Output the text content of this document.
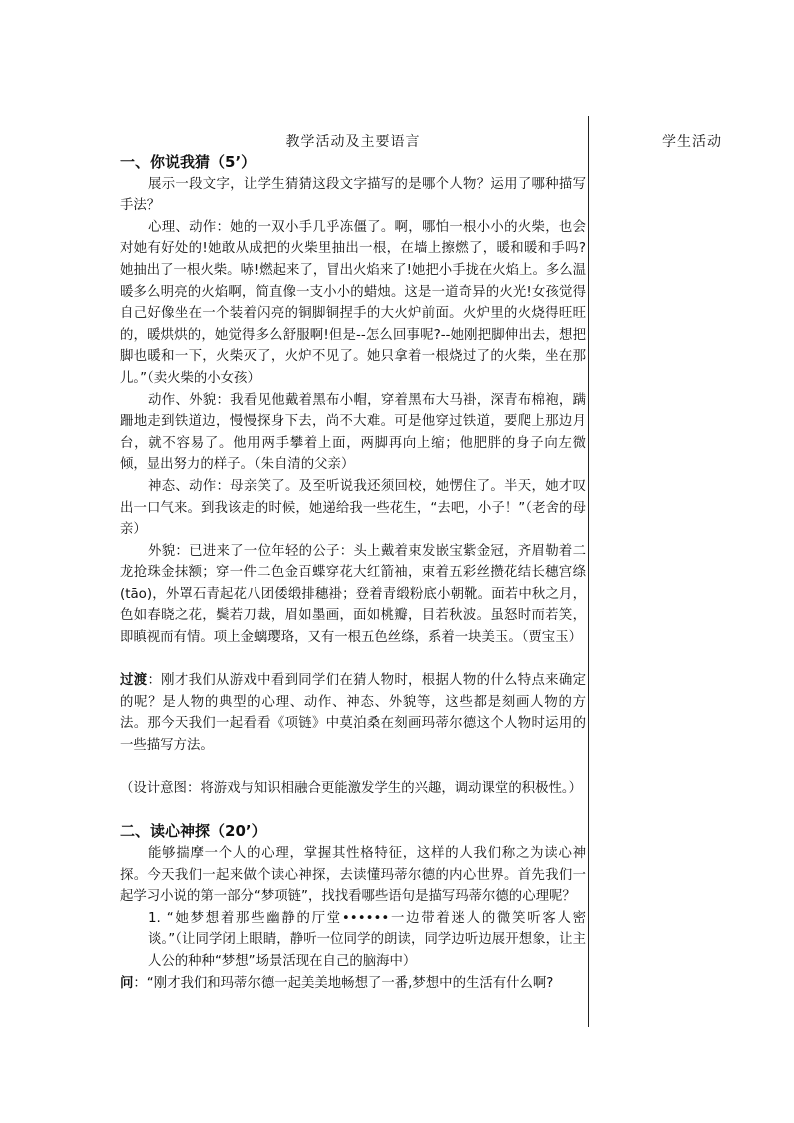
教学活动及主要语言	学生活动

一、你说我猜（5’）

展示一段文字，让学生猜猜这段文字描写的是哪个人物？运用了哪种描写手法？

心理、动作：她的一双小手几乎冻僵了。啊，哪怕一根小小的火柴，也会对她有好处的!她敢从成把的火柴里抽出一根，在墙上擦燃了，暖和暖和手吗?她抽出了一根火柴。哧!燃起来了，冒出火焰来了!她把小手拢在火焰上。多么温暖多么明亮的火焰啊，简直像一支小小的蜡烛。这是一道奇异的火光!女孩觉得自己好像坐在一个装着闪亮的铜脚铜捏手的大火炉前面。火炉里的火烧得旺旺的，暖烘烘的，她觉得多么舒服啊!但是--怎么回事呢?--她刚把脚伸出去，想把脚也暖和一下，火柴灭了，火炉不见了。她只拿着一根烧过了的火柴，坐在那儿。”（卖火柴的小女孩）

动作、外貌：我看见他戴着黑布小帽，穿着黑布大马褂，深青布棉袍，蹒跚地走到铁道边，慢慢探身下去，尚不大难。可是他穿过铁道，要爬上那边月台，就不容易了。他用两手攀着上面，两脚再向上缩；他肥胖的身子向左微倾，显出努力的样子。（朱自清的父亲）

神态、动作：母亲笑了。及至听说我还须回校，她愣住了。半天，她才叹出一口气来。到我该走的时候，她递给我一些花生，“去吧，小子！”（老舍的母亲）

外貌：已进来了一位年轻的公子：头上戴着束发嵌宝紫金冠，齐眉勒着二龙抢珠金抹额；穿一件二色金百蝶穿花大红箭袖，束着五彩丝攒花结长穗宫绦(tāo)，外罩石青起花八团倭缎排穗褂；登着青缎粉底小朝靴。面若中秋之月，色如春晓之花，鬓若刀裁，眉如墨画，面如桃瓣，目若秋波。虽怒时而若笑，即瞋视而有情。项上金螭璎珞，又有一根五色丝绦，系着一块美玉。（贾宝玉）

过渡：刚才我们从游戏中看到同学们在猜人物时，根据人物的什么特点来确定的呢？是人物的典型的心理、动作、神态、外貌等，这些都是刻画人物的方法。那今天我们一起看看《项链》中莫泊桑在刻画玛蒂尔德这个人物时运用的一些描写方法。

（设计意图：将游戏与知识相融合更能激发学生的兴趣，调动课堂的积极性。）

二、读心神探（20’）

能够揣摩一个人的心理，掌握其性格特征，这样的人我们称之为读心神探。今天我们一起来做个读心神探，去读懂玛蒂尔德的内心世界。首先我们一起学习小说的第一部分“梦项链”，找找看哪些语句是描写玛蒂尔德的心理呢？

1. “她梦想着那些幽静的厅堂••••••一边带着迷人的微笑听客人密谈。”（让同学闭上眼睛，静听一位同学的朗读，同学边听边展开想象，让主人公的种种“梦想”场景活现在自己的脑海中）

问：“刚才我们和玛蒂尔德一起美美地畅想了一番,梦想中的生活有什么啊?
